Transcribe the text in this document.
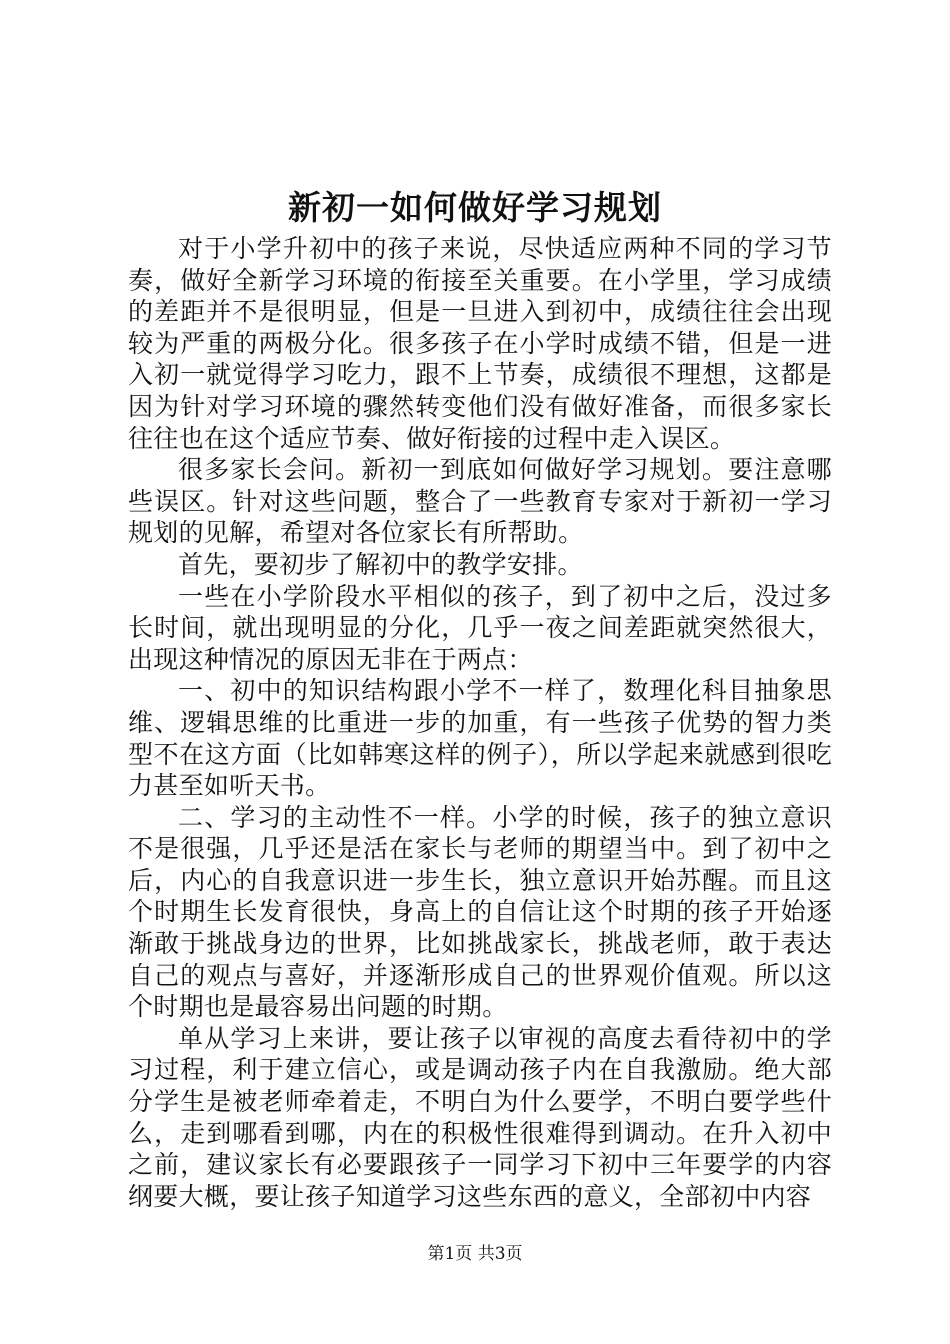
新初一如何做好学习规划

对于小学升初中的孩子来说，尽快适应两种不同的学习节奏，做好全新学习环境的衔接至关重要。在小学里，学习成绩的差距并不是很明显，但是一旦进入到初中，成绩往往会出现较为严重的两极分化。很多孩子在小学时成绩不错，但是一进入初一就觉得学习吃力，跟不上节奏，成绩很不理想，这都是因为针对学习环境的骤然转变他们没有做好准备，而很多家长往往也在这个适应节奏、做好衔接的过程中走入误区。

很多家长会问。新初一到底如何做好学习规划。要注意哪些误区。针对这些问题，整合了一些教育专家对于新初一学习规划的见解，希望对各位家长有所帮助。

首先，要初步了解初中的教学安排。

一些在小学阶段水平相似的孩子，到了初中之后，没过多长时间，就出现明显的分化，几乎一夜之间差距就突然很大，出现这种情况的原因无非在于两点：

一、初中的知识结构跟小学不一样了，数理化科目抽象思维、逻辑思维的比重进一步的加重，有一些孩子优势的智力类型不在这方面（比如韩寒这样的例子），所以学起来就感到很吃力甚至如听天书。

二、学习的主动性不一样。小学的时候，孩子的独立意识不是很强，几乎还是活在家长与老师的期望当中。到了初中之后，内心的自我意识进一步生长，独立意识开始苏醒。而且这个时期生长发育很快，身高上的自信让这个时期的孩子开始逐渐敢于挑战身边的世界，比如挑战家长，挑战老师，敢于表达自己的观点与喜好，并逐渐形成自己的世界观价值观。所以这个时期也是最容易出问题的时期。

单从学习上来讲，要让孩子以审视的高度去看待初中的学习过程，利于建立信心，或是调动孩子内在自我激励。绝大部分学生是被老师牵着走，不明白为什么要学，不明白要学些什么，走到哪看到哪，内在的积极性很难得到调动。在升入初中之前，建议家长有必要跟孩子一同学习下初中三年要学的内容纲要大概，要让孩子知道学习这些东西的意义，全部初中内容

第1页 共3页
